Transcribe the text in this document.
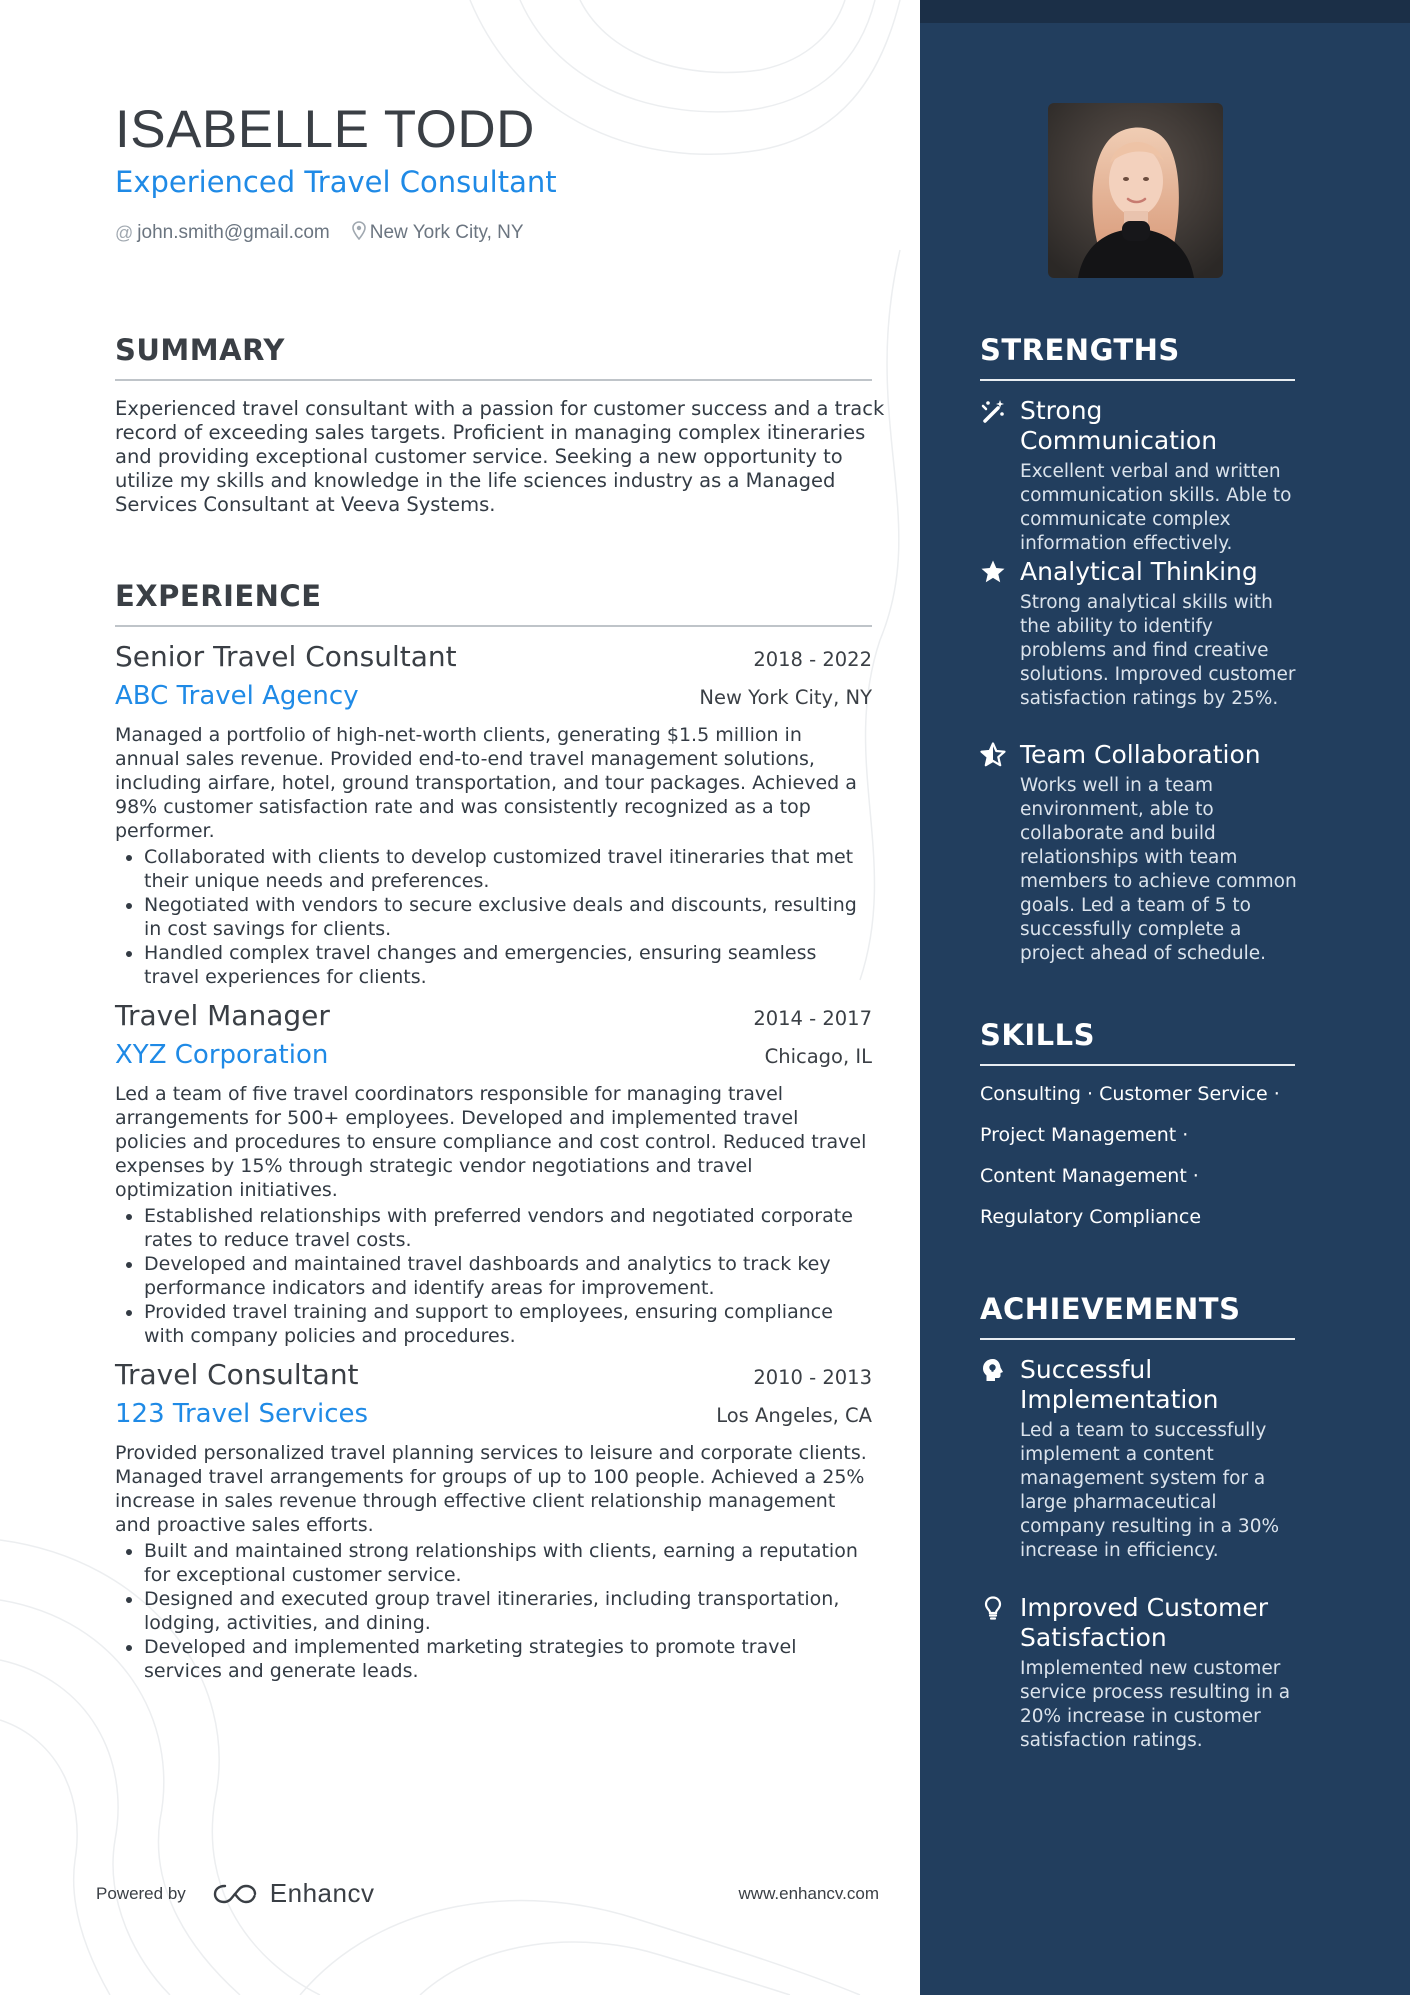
ISABELLE TODD
Experienced Travel Consultant
@ john.smith@gmail.com New York City, NY
SUMMARY
Experienced travel consultant with a passion for customer success and a track record of exceeding sales targets. Proficient in managing complex itineraries and providing exceptional customer service. Seeking a new opportunity to utilize my skills and knowledge in the life sciences industry as a Managed Services Consultant at Veeva Systems.
EXPERIENCE
Senior Travel Consultant	2018 - 2022
ABC Travel Agency	New York City, NY
Managed a portfolio of high-net-worth clients, generating $1.5 million in annual sales revenue. Provided end-to-end travel management solutions, including airfare, hotel, ground transportation, and tour packages. Achieved a 98% customer satisfaction rate and was consistently recognized as a top performer.
• Collaborated with clients to develop customized travel itineraries that met their unique needs and preferences.
• Negotiated with vendors to secure exclusive deals and discounts, resulting in cost savings for clients.
• Handled complex travel changes and emergencies, ensuring seamless travel experiences for clients.
Travel Manager	2014 - 2017
XYZ Corporation	Chicago, IL
Led a team of five travel coordinators responsible for managing travel arrangements for 500+ employees. Developed and implemented travel policies and procedures to ensure compliance and cost control. Reduced travel expenses by 15% through strategic vendor negotiations and travel optimization initiatives.
• Established relationships with preferred vendors and negotiated corporate rates to reduce travel costs.
• Developed and maintained travel dashboards and analytics to track key performance indicators and identify areas for improvement.
• Provided travel training and support to employees, ensuring compliance with company policies and procedures.
Travel Consultant	2010 - 2013
123 Travel Services	Los Angeles, CA
Provided personalized travel planning services to leisure and corporate clients. Managed travel arrangements for groups of up to 100 people. Achieved a 25% increase in sales revenue through effective client relationship management and proactive sales efforts.
• Built and maintained strong relationships with clients, earning a reputation for exceptional customer service.
• Designed and executed group travel itineraries, including transportation, lodging, activities, and dining.
• Developed and implemented marketing strategies to promote travel services and generate leads.
Powered by	Enhancv	www.enhancv.com
STRENGTHS
Strong Communication
Excellent verbal and written communication skills. Able to communicate complex information effectively.
Analytical Thinking
Strong analytical skills with the ability to identify problems and find creative solutions. Improved customer satisfaction ratings by 25%.
Team Collaboration
Works well in a team environment, able to collaborate and build relationships with team members to achieve common goals. Led a team of 5 to successfully complete a project ahead of schedule.
SKILLS
Consulting · Customer Service ·
Project Management ·
Content Management ·
Regulatory Compliance
ACHIEVEMENTS
Successful
Implementation
Led a team to successfully implement a content management system for a large pharmaceutical company resulting in a 30% increase in efficiency.
Improved Customer
Satisfaction
Implemented new customer service process resulting in a 20% increase in customer satisfaction ratings.
